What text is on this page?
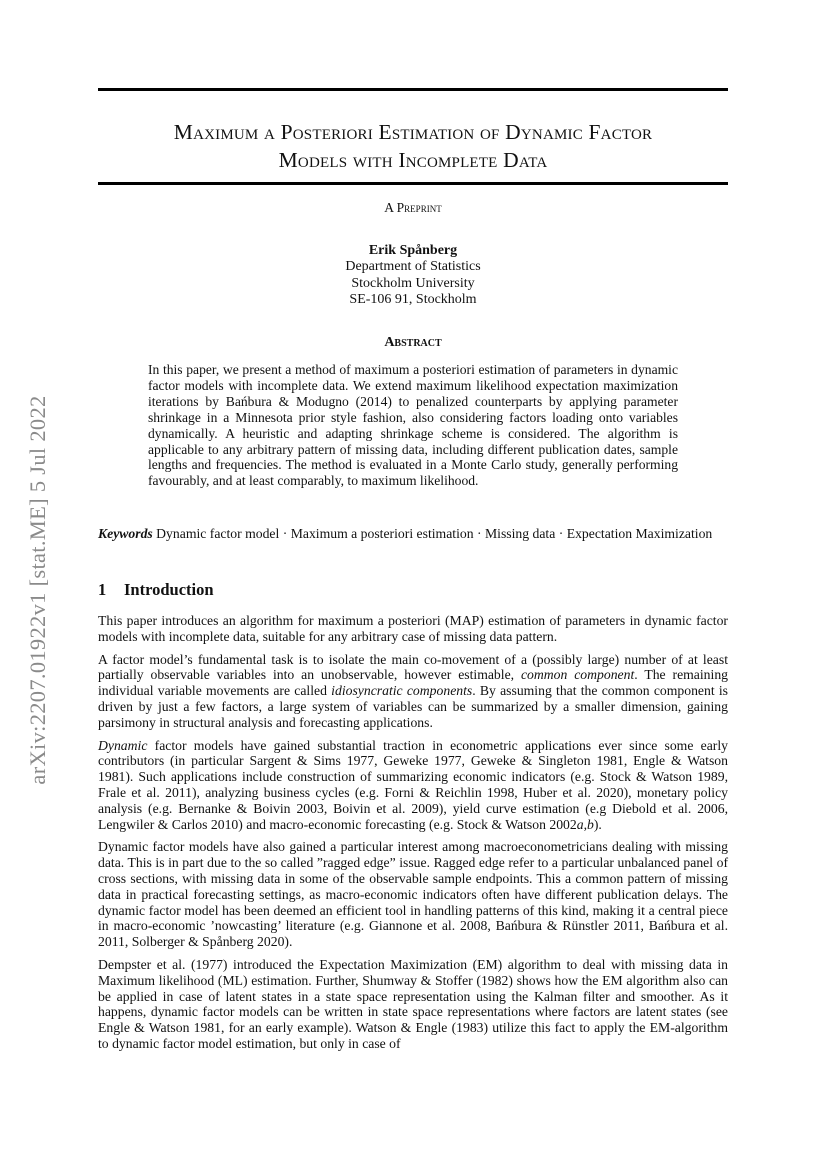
arXiv:2207.01922v1 [stat.ME] 5 Jul 2022
Maximum a Posteriori Estimation of Dynamic Factor
Models with Incomplete Data
A Preprint
Erik Spånberg
Department of Statistics
Stockholm University
SE-106 91, Stockholm
Abstract
In this paper, we present a method of maximum a posteriori estimation of parameters in dynamic factor models with incomplete data. We extend maximum likelihood expectation maximization iterations by Bańbura & Modugno (2014) to penalized counterparts by applying parameter shrinkage in a Minnesota prior style fashion, also considering factors loading onto variables dynamically. A heuristic and adapting shrinkage scheme is considered. The algorithm is applicable to any arbitrary pattern of missing data, including different publication dates, sample lengths and frequencies. The method is evaluated in a Monte Carlo study, generally performing favourably, and at least comparably, to maximum likelihood.
Keywords Dynamic factor model · Maximum a posteriori estimation · Missing data · Expectation Maximization
1 Introduction

This paper introduces an algorithm for maximum a posteriori (MAP) estimation of parameters in dynamic factor models with incomplete data, suitable for any arbitrary case of missing data pattern.

A factor model’s fundamental task is to isolate the main co-movement of a (possibly large) number of at least partially observable variables into an unobservable, however estimable, common component. The remaining individual variable movements are called idiosyncratic components. By assuming that the common component is driven by just a few factors, a large system of variables can be summarized by a smaller dimension, gaining parsimony in structural analysis and forecasting applications.

Dynamic factor models have gained substantial traction in econometric applications ever since some early contributors (in particular Sargent & Sims 1977, Geweke 1977, Geweke & Singleton 1981, Engle & Watson 1981). Such applications include construction of summarizing economic indicators (e.g. Stock & Watson 1989, Frale et al. 2011), analyzing business cycles (e.g. Forni & Reichlin 1998, Huber et al. 2020), monetary policy analysis (e.g. Bernanke & Boivin 2003, Boivin et al. 2009), yield curve estimation (e.g Diebold et al. 2006, Lengwiler & Carlos 2010) and macro-economic forecasting (e.g. Stock & Watson 2002a,b).

Dynamic factor models have also gained a particular interest among macroeconometricians dealing with missing data. This is in part due to the so called ”ragged edge” issue. Ragged edge refer to a particular unbalanced panel of cross sections, with missing data in some of the observable sample endpoints. This a common pattern of missing data in practical forecasting settings, as macro-economic indicators often have different publication delays. The dynamic factor model has been deemed an efficient tool in handling patterns of this kind, making it a central piece in macro-economic ’nowcasting’ literature (e.g. Giannone et al. 2008, Bańbura & Rünstler 2011, Bańbura et al. 2011, Solberger & Spånberg 2020).

Dempster et al. (1977) introduced the Expectation Maximization (EM) algorithm to deal with missing data in Maximum likelihood (ML) estimation. Further, Shumway & Stoffer (1982) shows how the EM algorithm also can be applied in case of latent states in a state space representation using the Kalman filter and smoother. As it happens, dynamic factor models can be written in state space representations where factors are latent states (see Engle & Watson 1981, for an early example). Watson & Engle (1983) utilize this fact to apply the EM-algorithm to dynamic factor model estimation, but only in case of
